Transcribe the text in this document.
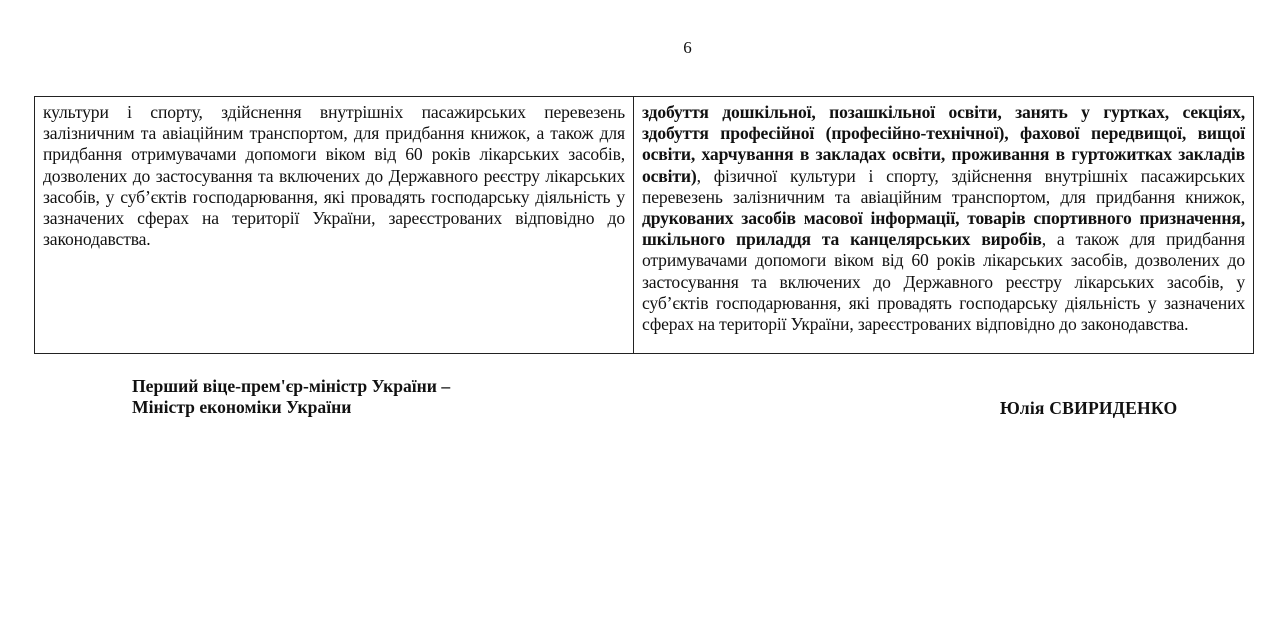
6

культури і спорту, здійснення внутрішніх пасажирських перевезень залізничним та авіаційним транспортом, для придбання книжок, а також для придбання отримувачами допомоги віком від 60 років лікарських засобів, дозволених до застосування та включених до Державного реєстру лікарських засобів, у суб’єктів господарювання, які провадять господарську діяльність у зазначених сферах на території України, зареєстрованих відповідно до законодавства.

здобуття дошкільної, позашкільної освіти, занять у гуртках, секціях, здобуття професійної (професійно-технічної), фахової передвищої, вищої освіти, харчування в закладах освіти, проживання в гуртожитках закладів освіти), фізичної культури і спорту, здійснення внутрішніх пасажирських перевезень залізничним та авіаційним транспортом, для придбання книжок, друкованих засобів масової інформації, товарів спортивного призначення, шкільного приладдя та канцелярських виробів, а також для придбання отримувачами допомоги віком від 60 років лікарських засобів, дозволених до застосування та включених до Державного реєстру лікарських засобів, у суб’єктів господарювання, які провадять господарську діяльність у зазначених сферах на території України, зареєстрованих відповідно до законодавства.

Перший віце-прем'єр-міністр України –
Міністр економіки України	Юлія СВИРИДЕНКО
